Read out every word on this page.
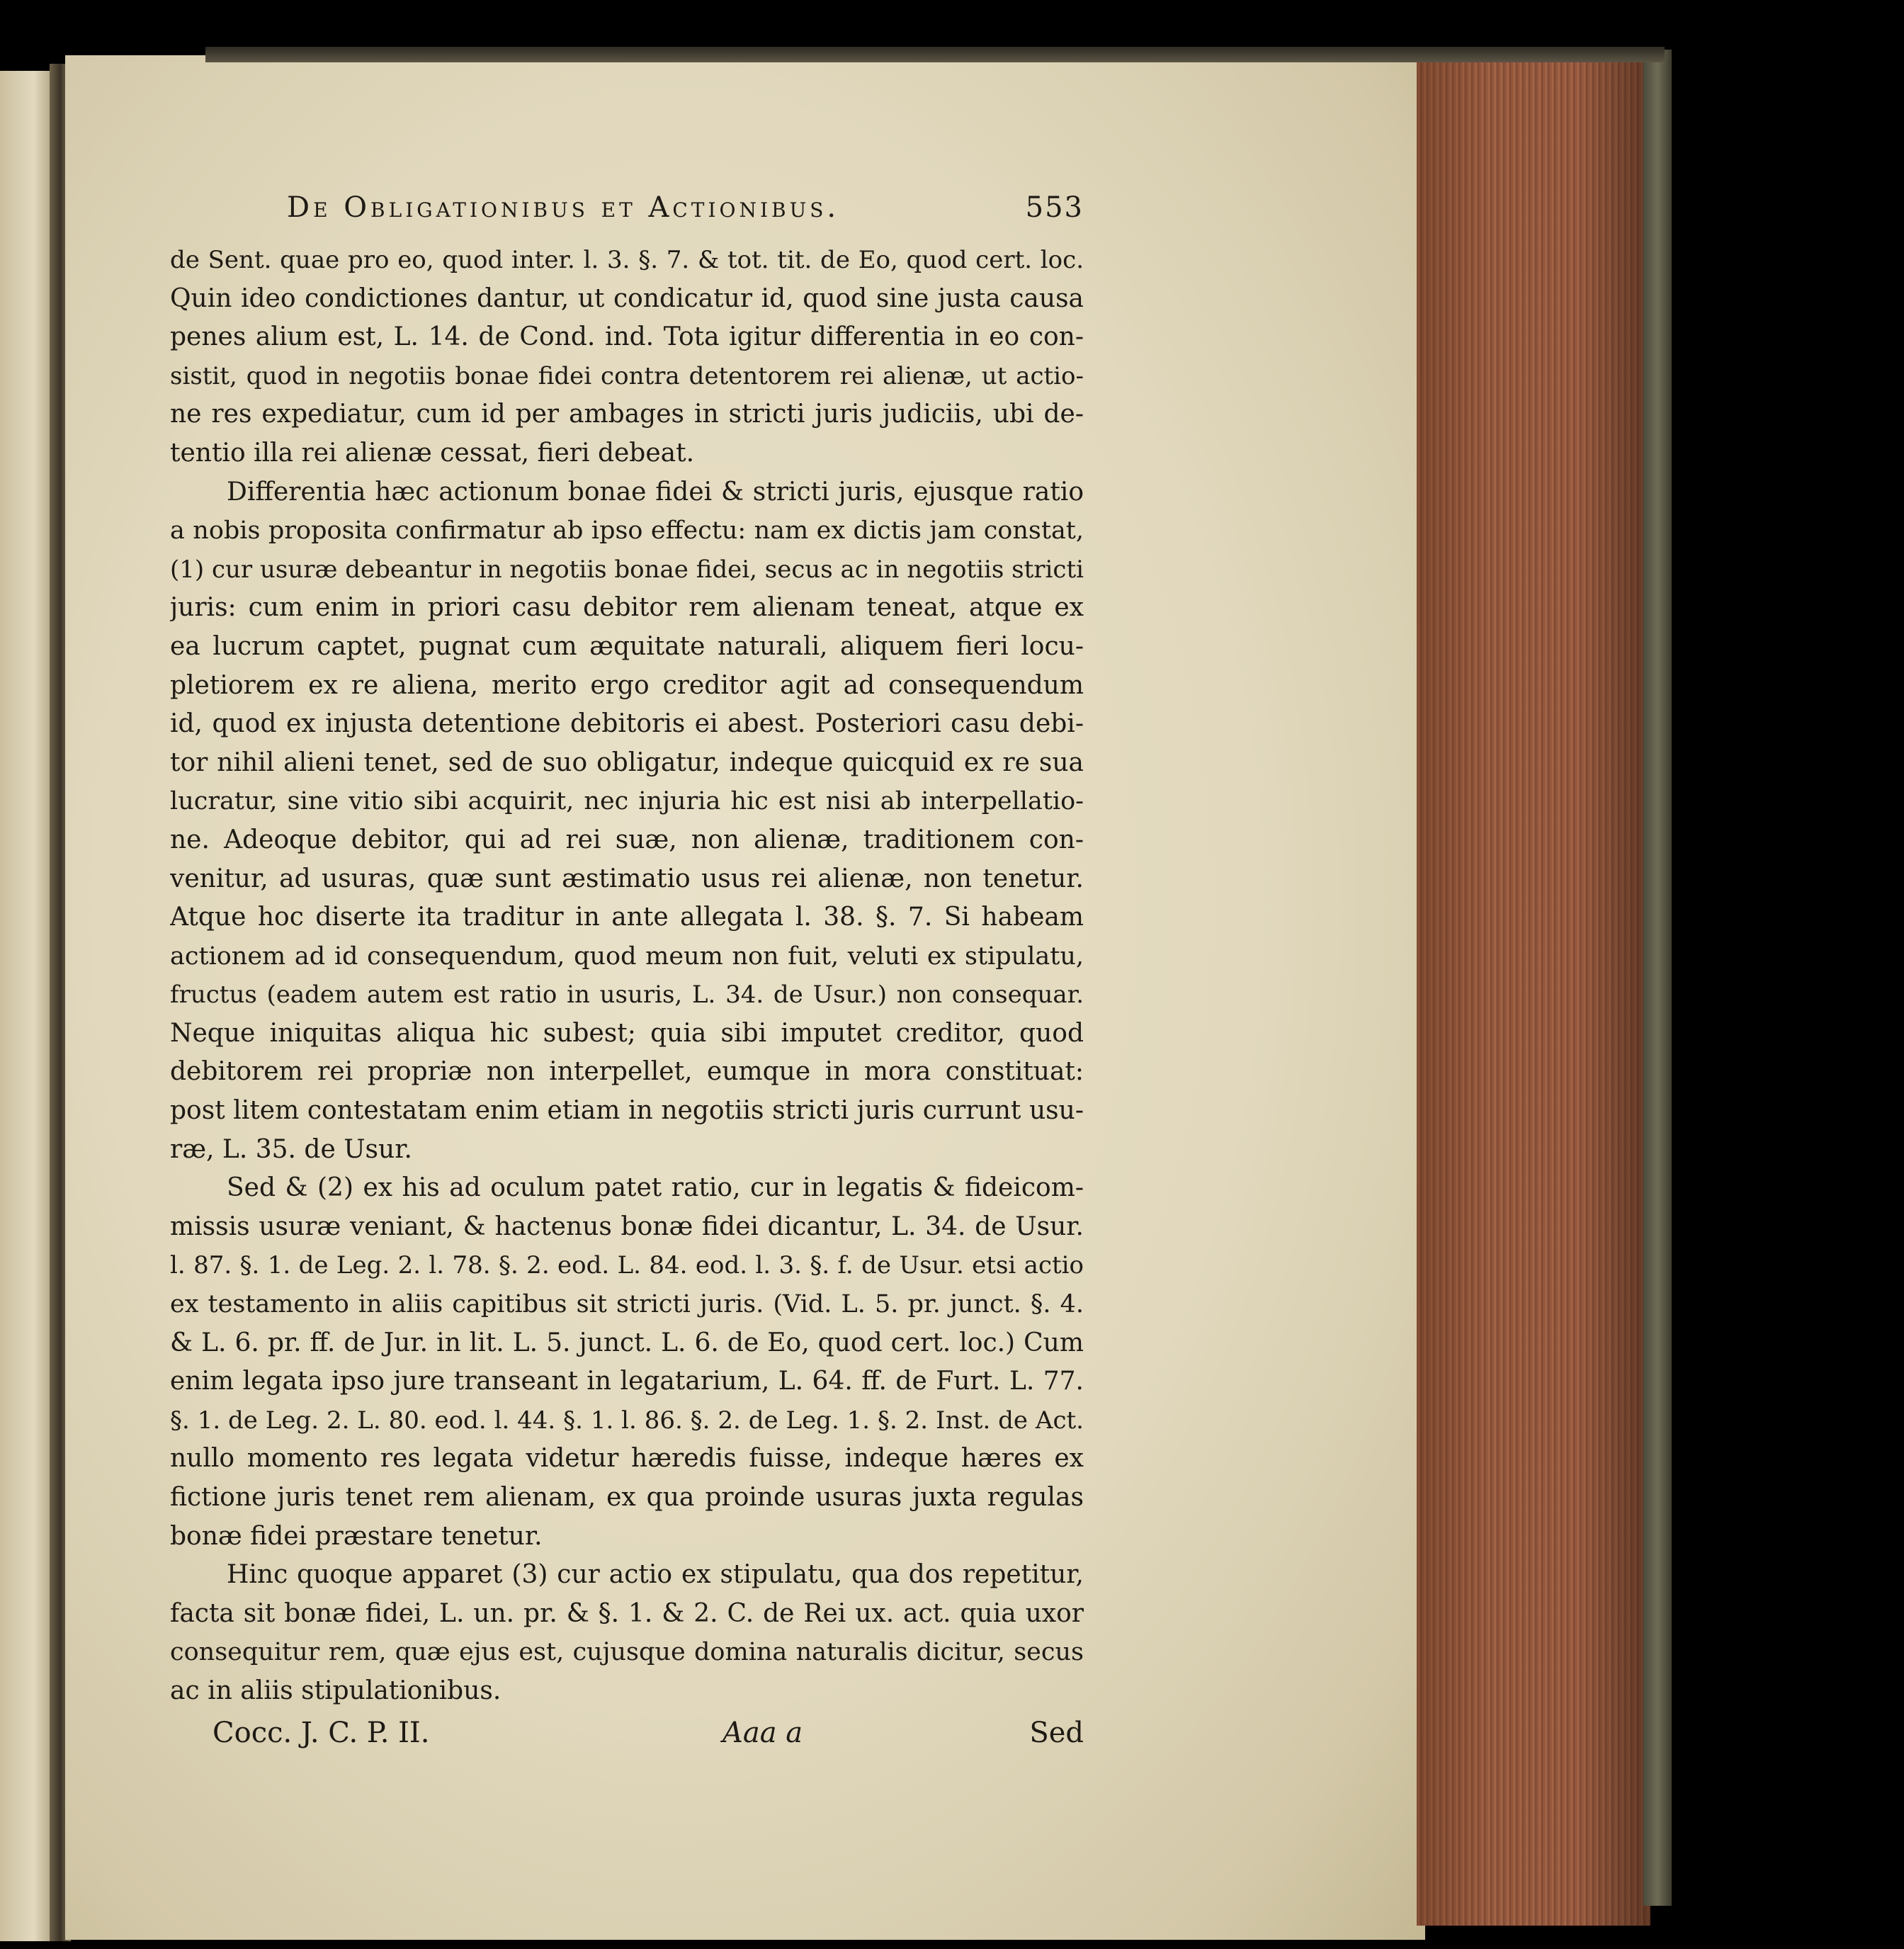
De Obligationibus et Actionibus.	553
de Sent. quae pro eo, quod inter. l. 3. §. 7. & tot. tit. de Eo, quod cert. loc.
Quin ideo condictiones dantur, ut condicatur id, quod sine justa causa
penes alium est, L. 14. de Cond. ind. Tota igitur differentia in eo con-
sistit, quod in negotiis bonae fidei contra detentorem rei alienæ, ut actio-
ne res expediatur, cum id per ambages in stricti juris judiciis, ubi de-
tentio illa rei alienæ cessat, fieri debeat.
Differentia hæc actionum bonae fidei & stricti juris, ejusque ratio
a nobis proposita confirmatur ab ipso effectu: nam ex dictis jam constat,
(1) cur usuræ debeantur in negotiis bonae fidei, secus ac in negotiis stricti
juris: cum enim in priori casu debitor rem alienam teneat, atque ex
ea lucrum captet, pugnat cum æquitate naturali, aliquem fieri locu-
pletiorem ex re aliena, merito ergo creditor agit ad consequendum
id, quod ex injusta detentione debitoris ei abest. Posteriori casu debi-
tor nihil alieni tenet, sed de suo obligatur, indeque quicquid ex re sua
lucratur, sine vitio sibi acquirit, nec injuria hic est nisi ab interpellatio-
ne. Adeoque debitor, qui ad rei suæ, non alienæ, traditionem con-
venitur, ad usuras, quæ sunt æstimatio usus rei alienæ, non tenetur.
Atque hoc diserte ita traditur in ante allegata l. 38. §. 7. Si habeam
actionem ad id consequendum, quod meum non fuit, veluti ex stipulatu,
fructus (eadem autem est ratio in usuris, L. 34. de Usur.) non consequar.
Neque iniquitas aliqua hic subest; quia sibi imputet creditor, quod
debitorem rei propriæ non interpellet, eumque in mora constituat:
post litem contestatam enim etiam in negotiis stricti juris currunt usu-
ræ, L. 35. de Usur.
Sed & (2) ex his ad oculum patet ratio, cur in legatis & fideicom-
missis usuræ veniant, & hactenus bonæ fidei dicantur, L. 34. de Usur.
l. 87. §. 1. de Leg. 2. l. 78. §. 2. eod. L. 84. eod. l. 3. §. f. de Usur. etsi actio
ex testamento in aliis capitibus sit stricti juris. (Vid. L. 5. pr. junct. §. 4.
& L. 6. pr. ff. de Jur. in lit. L. 5. junct. L. 6. de Eo, quod cert. loc.) Cum
enim legata ipso jure transeant in legatarium, L. 64. ff. de Furt. L. 77.
§. 1. de Leg. 2. L. 80. eod. l. 44. §. 1. l. 86. §. 2. de Leg. 1. §. 2. Inst. de Act.
nullo momento res legata videtur hæredis fuisse, indeque hæres ex
fictione juris tenet rem alienam, ex qua proinde usuras juxta regulas
bonæ fidei præstare tenetur.
Hinc quoque apparet (3) cur actio ex stipulatu, qua dos repetitur,
facta sit bonæ fidei, L. un. pr. & §. 1. & 2. C. de Rei ux. act. quia uxor
consequitur rem, quæ ejus est, cujusque domina naturalis dicitur, secus
ac in aliis stipulationibus.
Cocc. J. C. P. II.	Aaa a	Sed
